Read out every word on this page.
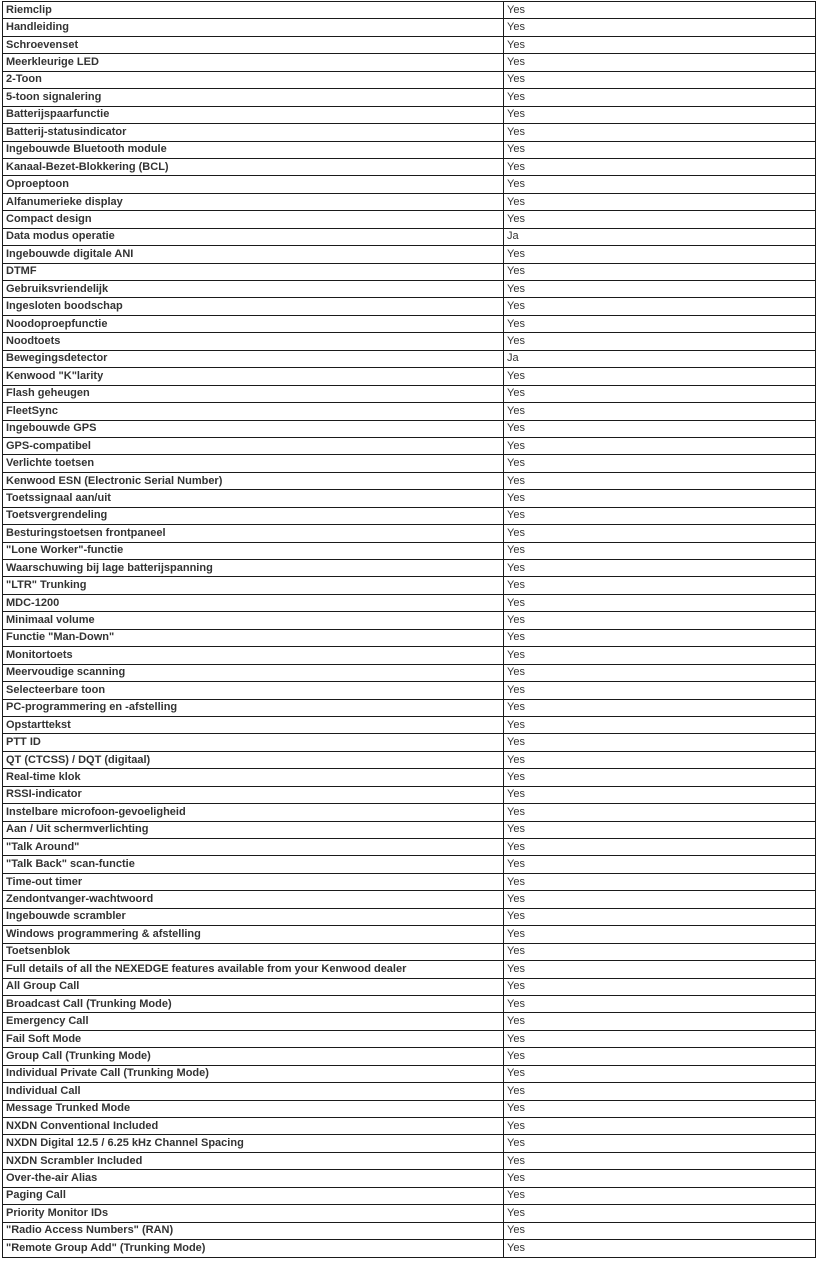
Riemclip	Yes
Handleiding	Yes
Schroevenset	Yes
Meerkleurige LED	Yes
2-Toon	Yes
5-toon signalering	Yes
Batterijspaarfunctie	Yes
Batterij-statusindicator	Yes
Ingebouwde Bluetooth module	Yes
Kanaal-Bezet-Blokkering (BCL)	Yes
Oproeptoon	Yes
Alfanumerieke display	Yes
Compact design	Yes
Data modus operatie	Ja
Ingebouwde digitale ANI	Yes
DTMF	Yes
Gebruiksvriendelijk	Yes
Ingesloten boodschap	Yes
Noodoproepfunctie	Yes
Noodtoets	Yes
Bewegingsdetector	Ja
Kenwood "K"larity	Yes
Flash geheugen	Yes
FleetSync	Yes
Ingebouwde GPS	Yes
GPS-compatibel	Yes
Verlichte toetsen	Yes
Kenwood ESN (Electronic Serial Number)	Yes
Toetssignaal aan/uit	Yes
Toetsvergrendeling	Yes
Besturingstoetsen frontpaneel	Yes
"Lone Worker"-functie	Yes
Waarschuwing bij lage batterijspanning	Yes
"LTR" Trunking	Yes
MDC-1200	Yes
Minimaal volume	Yes
Functie "Man-Down"	Yes
Monitortoets	Yes
Meervoudige scanning	Yes
Selecteerbare toon	Yes
PC-programmering en -afstelling	Yes
Opstarttekst	Yes
PTT ID	Yes
QT (CTCSS) / DQT (digitaal)	Yes
Real-time klok	Yes
RSSI-indicator	Yes
Instelbare microfoon-gevoeligheid	Yes
Aan / Uit schermverlichting	Yes
"Talk Around"	Yes
"Talk Back" scan-functie	Yes
Time-out timer	Yes
Zendontvanger-wachtwoord	Yes
Ingebouwde scrambler	Yes
Windows programmering & afstelling	Yes
Toetsenblok	Yes
Full details of all the NEXEDGE features available from your Kenwood dealer	Yes
All Group Call	Yes
Broadcast Call (Trunking Mode)	Yes
Emergency Call	Yes
Fail Soft Mode	Yes
Group Call (Trunking Mode)	Yes
Individual Private Call (Trunking Mode)	Yes
Individual Call	Yes
Message Trunked Mode	Yes
NXDN Conventional Included	Yes
NXDN Digital 12.5 / 6.25 kHz Channel Spacing	Yes
NXDN Scrambler Included	Yes
Over-the-air Alias	Yes
Paging Call	Yes
Priority Monitor IDs	Yes
"Radio Access Numbers" (RAN)	Yes
"Remote Group Add" (Trunking Mode)	Yes
